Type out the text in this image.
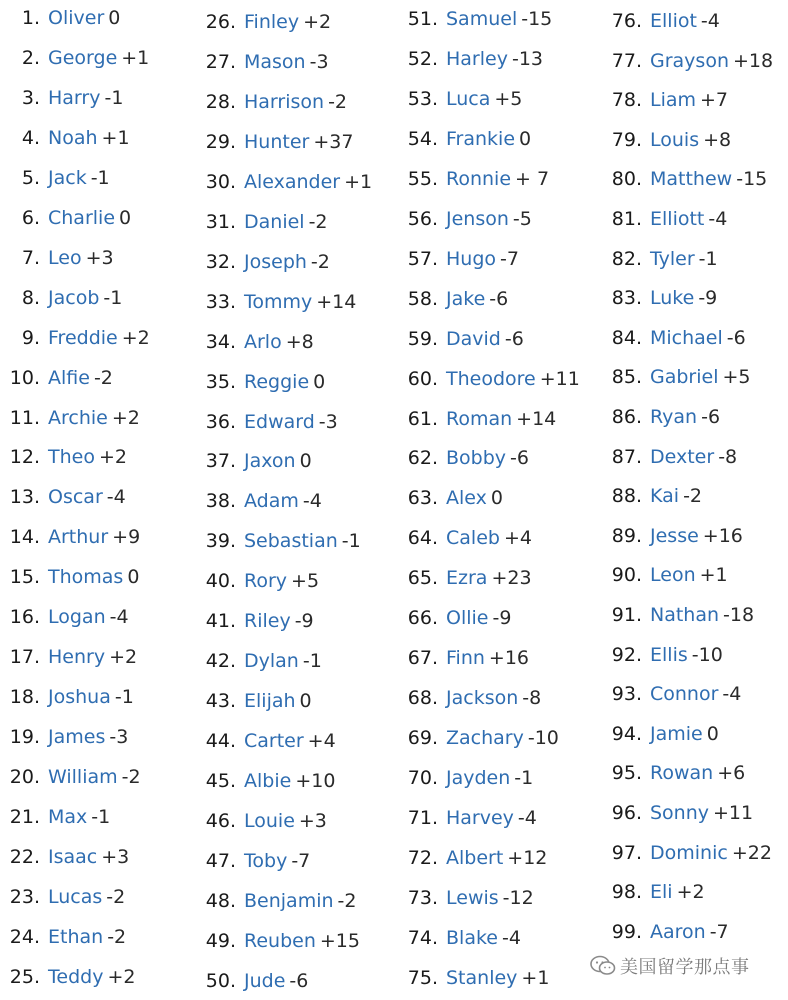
1. Oliver 0
2. George +1
3. Harry -1
4. Noah +1
5. Jack -1
6. Charlie 0
7. Leo +3
8. Jacob -1
9. Freddie +2
10. Alfie -2
11. Archie +2
12. Theo +2
13. Oscar -4
14. Arthur +9
15. Thomas 0
16. Logan -4
17. Henry +2
18. Joshua -1
19. James -3
20. William -2
21. Max -1
22. Isaac +3
23. Lucas -2
24. Ethan -2
25. Teddy +2
26. Finley +2
27. Mason -3
28. Harrison -2
29. Hunter +37
30. Alexander +1
31. Daniel -2
32. Joseph -2
33. Tommy +14
34. Arlo +8
35. Reggie 0
36. Edward -3
37. Jaxon 0
38. Adam -4
39. Sebastian -1
40. Rory +5
41. Riley -9
42. Dylan -1
43. Elijah 0
44. Carter +4
45. Albie +10
46. Louie +3
47. Toby -7
48. Benjamin -2
49. Reuben +15
50. Jude -6
51. Samuel -15
52. Harley -13
53. Luca +5
54. Frankie 0
55. Ronnie + 7
56. Jenson -5
57. Hugo -7
58. Jake -6
59. David -6
60. Theodore +11
61. Roman +14
62. Bobby -6
63. Alex 0
64. Caleb +4
65. Ezra +23
66. Ollie -9
67. Finn +16
68. Jackson -8
69. Zachary -10
70. Jayden -1
71. Harvey -4
72. Albert +12
73. Lewis -12
74. Blake -4
75. Stanley +1
76. Elliot -4
77. Grayson +18
78. Liam +7
79. Louis +8
80. Matthew -15
81. Elliott -4
82. Tyler -1
83. Luke -9
84. Michael -6
85. Gabriel +5
86. Ryan -6
87. Dexter -8
88. Kai -2
89. Jesse +16
90. Leon +1
91. Nathan -18
92. Ellis -10
93. Connor -4
94. Jamie 0
95. Rowan +6
96. Sonny +11
97. Dominic +22
98. Eli +2
99. Aaron -7
美国留学那点事
